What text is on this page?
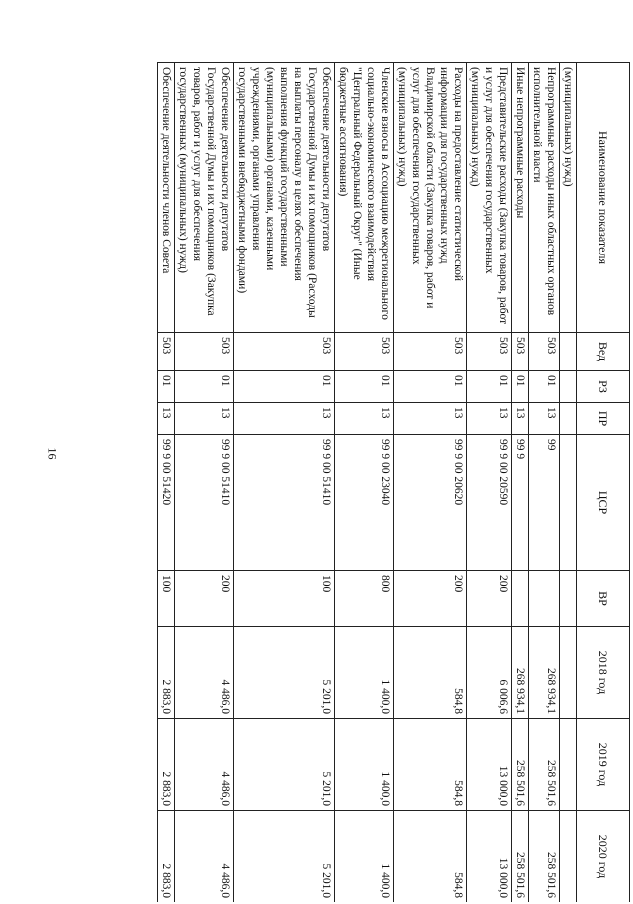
16
Наименование показателя	Вед	РЗ	ПР	ЦСР	ВР	2018 год	2019 год	2020 год
(муниципальных) нужд)								
Непрограммные расходы иных областных органов исполнительной власти	503	01	13	99		268 934,1	258 501,6	258 501,6
Иные непрограммные расходы	503	01	13	99 9		268 934,1	258 501,6	258 501,6
Представительские расходы (Закупка товаров, работ и услуг для обеспечения государственных (муниципальных) нужд)	503	01	13	99 9 00 20590	200	6 006,6	13 000,0	13 000,0
Расходы на предоставление статистической информации для государственных нужд Владимирской области (Закупка товаров, работ и услуг для обеспечения государственных (муниципальных) нужд)	503	01	13	99 9 00 20620	200	584,8	584,8	584,8
Членские взносы в Ассоциацию межрегионального социально-экономического взаимодействия "Центральный Федеральный Округ" (Иные бюджетные ассигнования)	503	01	13	99 9 00 23040	800	1 400,0	1 400,0	1 400,0
Обеспечение деятельности депутатов Государственной Думы и их помощников (Расходы на выплаты персоналу в целях обеспечения выполнения функций государственными (муниципальными) органами, казенными учреждениями, органами управления государственными внебюджетными фондами)	503	01	13	99 9 00 51410	100	5 201,0	5 201,0	5 201,0
Обеспечение деятельности депутатов Государственной Думы и их помощников (Закупка товаров, работ и услуг для обеспечения государственных (муниципальных) нужд)	503	01	13	99 9 00 51410	200	4 486,0	4 486,0	4 486,0
Обеспечение деятельности членов Совета	503	01	13	99 9 00 51420	100	2 883,0	2 883,0	2 883,0
